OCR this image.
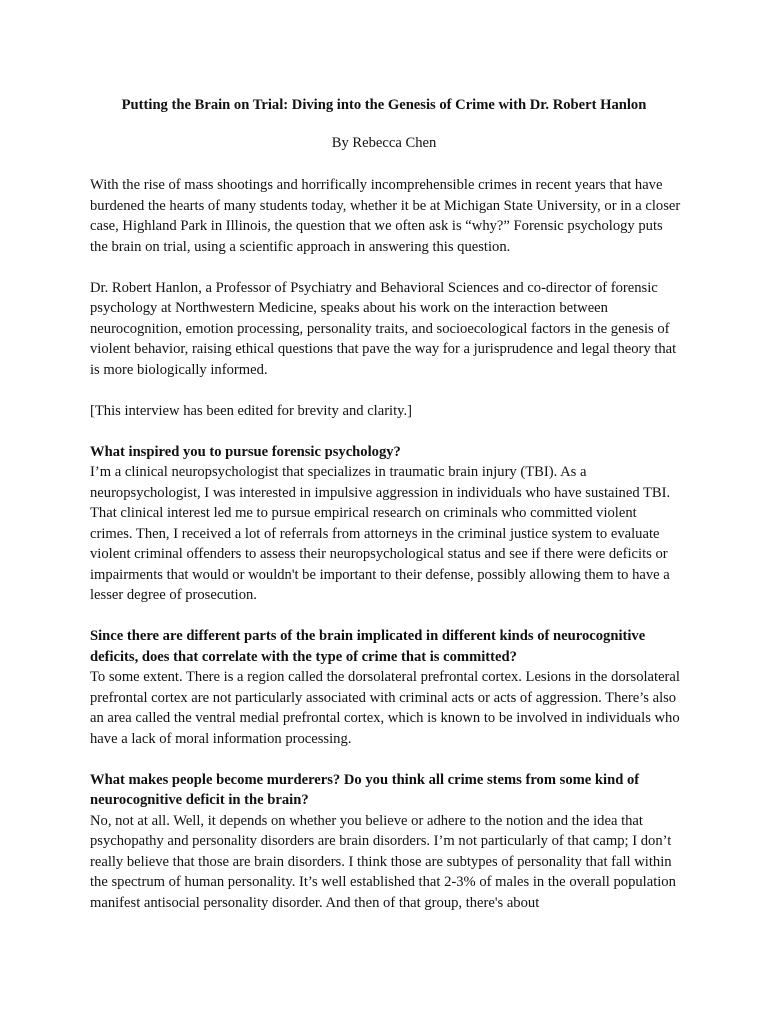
Putting the Brain on Trial: Diving into the Genesis of Crime with Dr. Robert Hanlon
By Rebecca Chen

With the rise of mass shootings and horrifically incomprehensible crimes in recent years that have burdened the hearts of many students today, whether it be at Michigan State University, or in a closer case, Highland Park in Illinois, the question that we often ask is “why?” Forensic psychology puts the brain on trial, using a scientific approach in answering this question.

Dr. Robert Hanlon, a Professor of Psychiatry and Behavioral Sciences and co-director of forensic psychology at Northwestern Medicine, speaks about his work on the interaction between neurocognition, emotion processing, personality traits, and socioecological factors in the genesis of violent behavior, raising ethical questions that pave the way for a jurisprudence and legal theory that is more biologically informed.

[This interview has been edited for brevity and clarity.]

What inspired you to pursue forensic psychology?
I’m a clinical neuropsychologist that specializes in traumatic brain injury (TBI). As a neuropsychologist, I was interested in impulsive aggression in individuals who have sustained TBI. That clinical interest led me to pursue empirical research on criminals who committed violent crimes. Then, I received a lot of referrals from attorneys in the criminal justice system to evaluate violent criminal offenders to assess their neuropsychological status and see if there were deficits or impairments that would or wouldn't be important to their defense, possibly allowing them to have a lesser degree of prosecution.

Since there are different parts of the brain implicated in different kinds of neurocognitive deficits, does that correlate with the type of crime that is committed?
To some extent. There is a region called the dorsolateral prefrontal cortex. Lesions in the dorsolateral prefrontal cortex are not particularly associated with criminal acts or acts of aggression. There’s also an area called the ventral medial prefrontal cortex, which is known to be involved in individuals who have a lack of moral information processing.

What makes people become murderers? Do you think all crime stems from some kind of neurocognitive deficit in the brain?
No, not at all. Well, it depends on whether you believe or adhere to the notion and the idea that psychopathy and personality disorders are brain disorders. I’m not particularly of that camp; I don’t really believe that those are brain disorders. I think those are subtypes of personality that fall within the spectrum of human personality. It’s well established that 2-3% of males in the overall population manifest antisocial personality disorder. And then of that group, there's about
